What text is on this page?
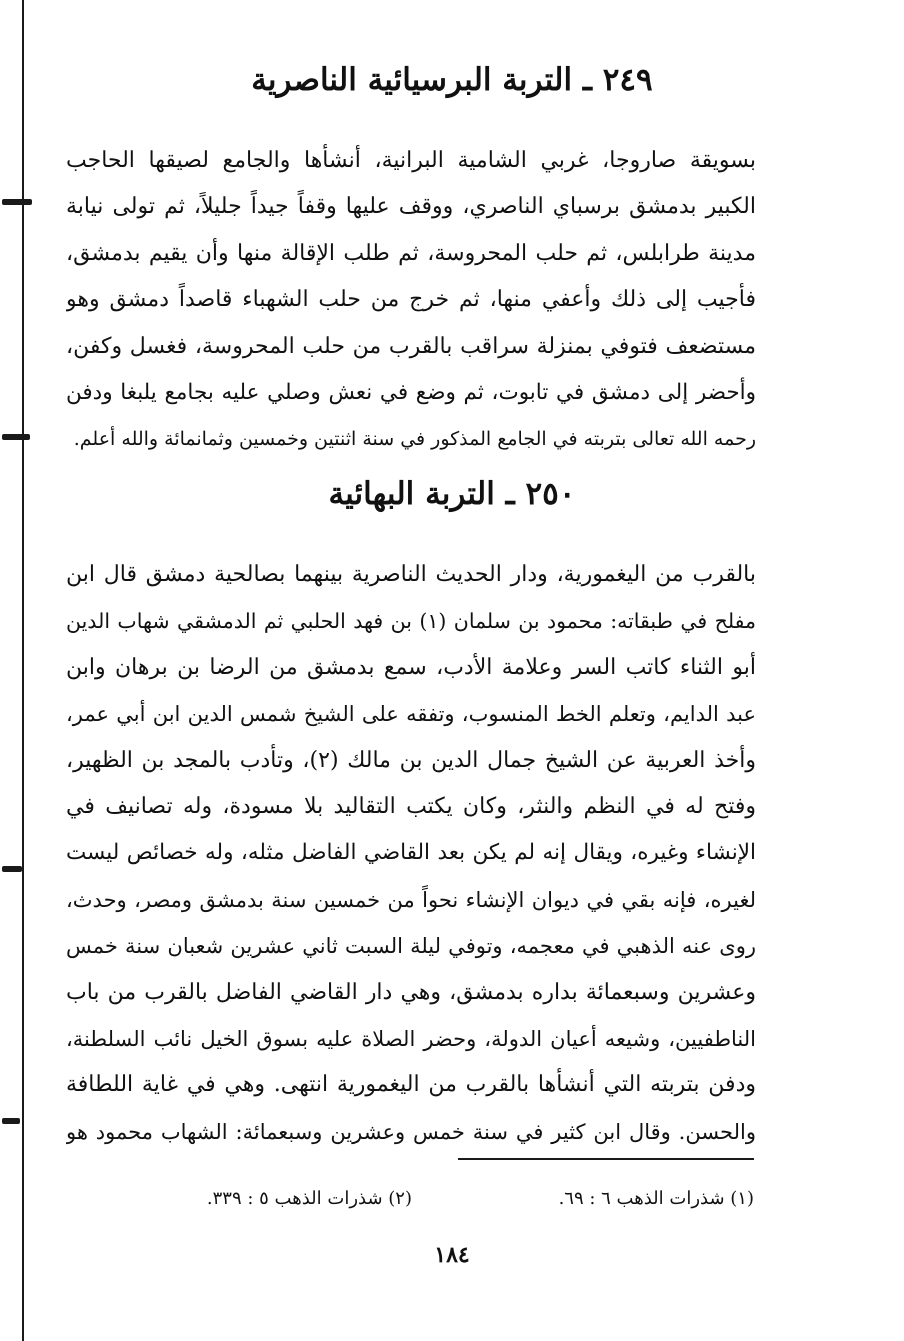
٢٤٩ ـ التربة البرسيائية الناصرية
بسويقة صاروجا، غربي الشامية البرانية، أنشأها والجامع لصيقها الحاجب
الكبير بدمشق برسباي الناصري، ووقف عليها وقفاً جيداً جليلاً، ثم تولى نيابة
مدينة طرابلس، ثم حلب المحروسة، ثم طلب الإقالة منها وأن يقيم بدمشق،
فأجيب إلى ذلك وأعفي منها، ثم خرج من حلب الشهباء قاصداً دمشق وهو
مستضعف فتوفي بمنزلة سراقب بالقرب من حلب المحروسة، فغسل وكفن،
وأحضر إلى دمشق في تابوت، ثم وضع في نعش وصلي عليه بجامع يلبغا ودفن
رحمه الله تعالى بتربته في الجامع المذكور في سنة اثنتين وخمسين وثمانمائة والله أعلم.
٢٥٠ ـ التربة البهائية
بالقرب من اليغمورية، ودار الحديث الناصرية بينهما بصالحية دمشق قال ابن
مفلح في طبقاته: محمود بن سلمان (١) بن فهد الحلبي ثم الدمشقي شهاب الدين
أبو الثناء كاتب السر وعلامة الأدب، سمع بدمشق من الرضا بن برهان وابن
عبد الدايم، وتعلم الخط المنسوب، وتفقه على الشيخ شمس الدين ابن أبي عمر،
وأخذ العربية عن الشيخ جمال الدين بن مالك (٢)، وتأدب بالمجد بن الظهير،
وفتح له في النظم والنثر، وكان يكتب التقاليد بلا مسودة، وله تصانيف في
الإنشاء وغيره، ويقال إنه لم يكن بعد القاضي الفاضل مثله، وله خصائص ليست
لغيره، فإنه بقي في ديوان الإنشاء نحواً من خمسين سنة بدمشق ومصر، وحدث،
روى عنه الذهبي في معجمه، وتوفي ليلة السبت ثاني عشرين شعبان سنة خمس
وعشرين وسبعمائة بداره بدمشق، وهي دار القاضي الفاضل بالقرب من باب
الناطفيين، وشيعه أعيان الدولة، وحضر الصلاة عليه بسوق الخيل نائب السلطنة،
ودفن بتربته التي أنشأها بالقرب من اليغمورية انتهى. وهي في غاية اللطافة
والحسن. وقال ابن كثير في سنة خمس وعشرين وسبعمائة: الشهاب محمود هو
(١) شذرات الذهب ٦ : ٦٩.
(٢) شذرات الذهب ٥ : ٣٣٩.
١٨٤
